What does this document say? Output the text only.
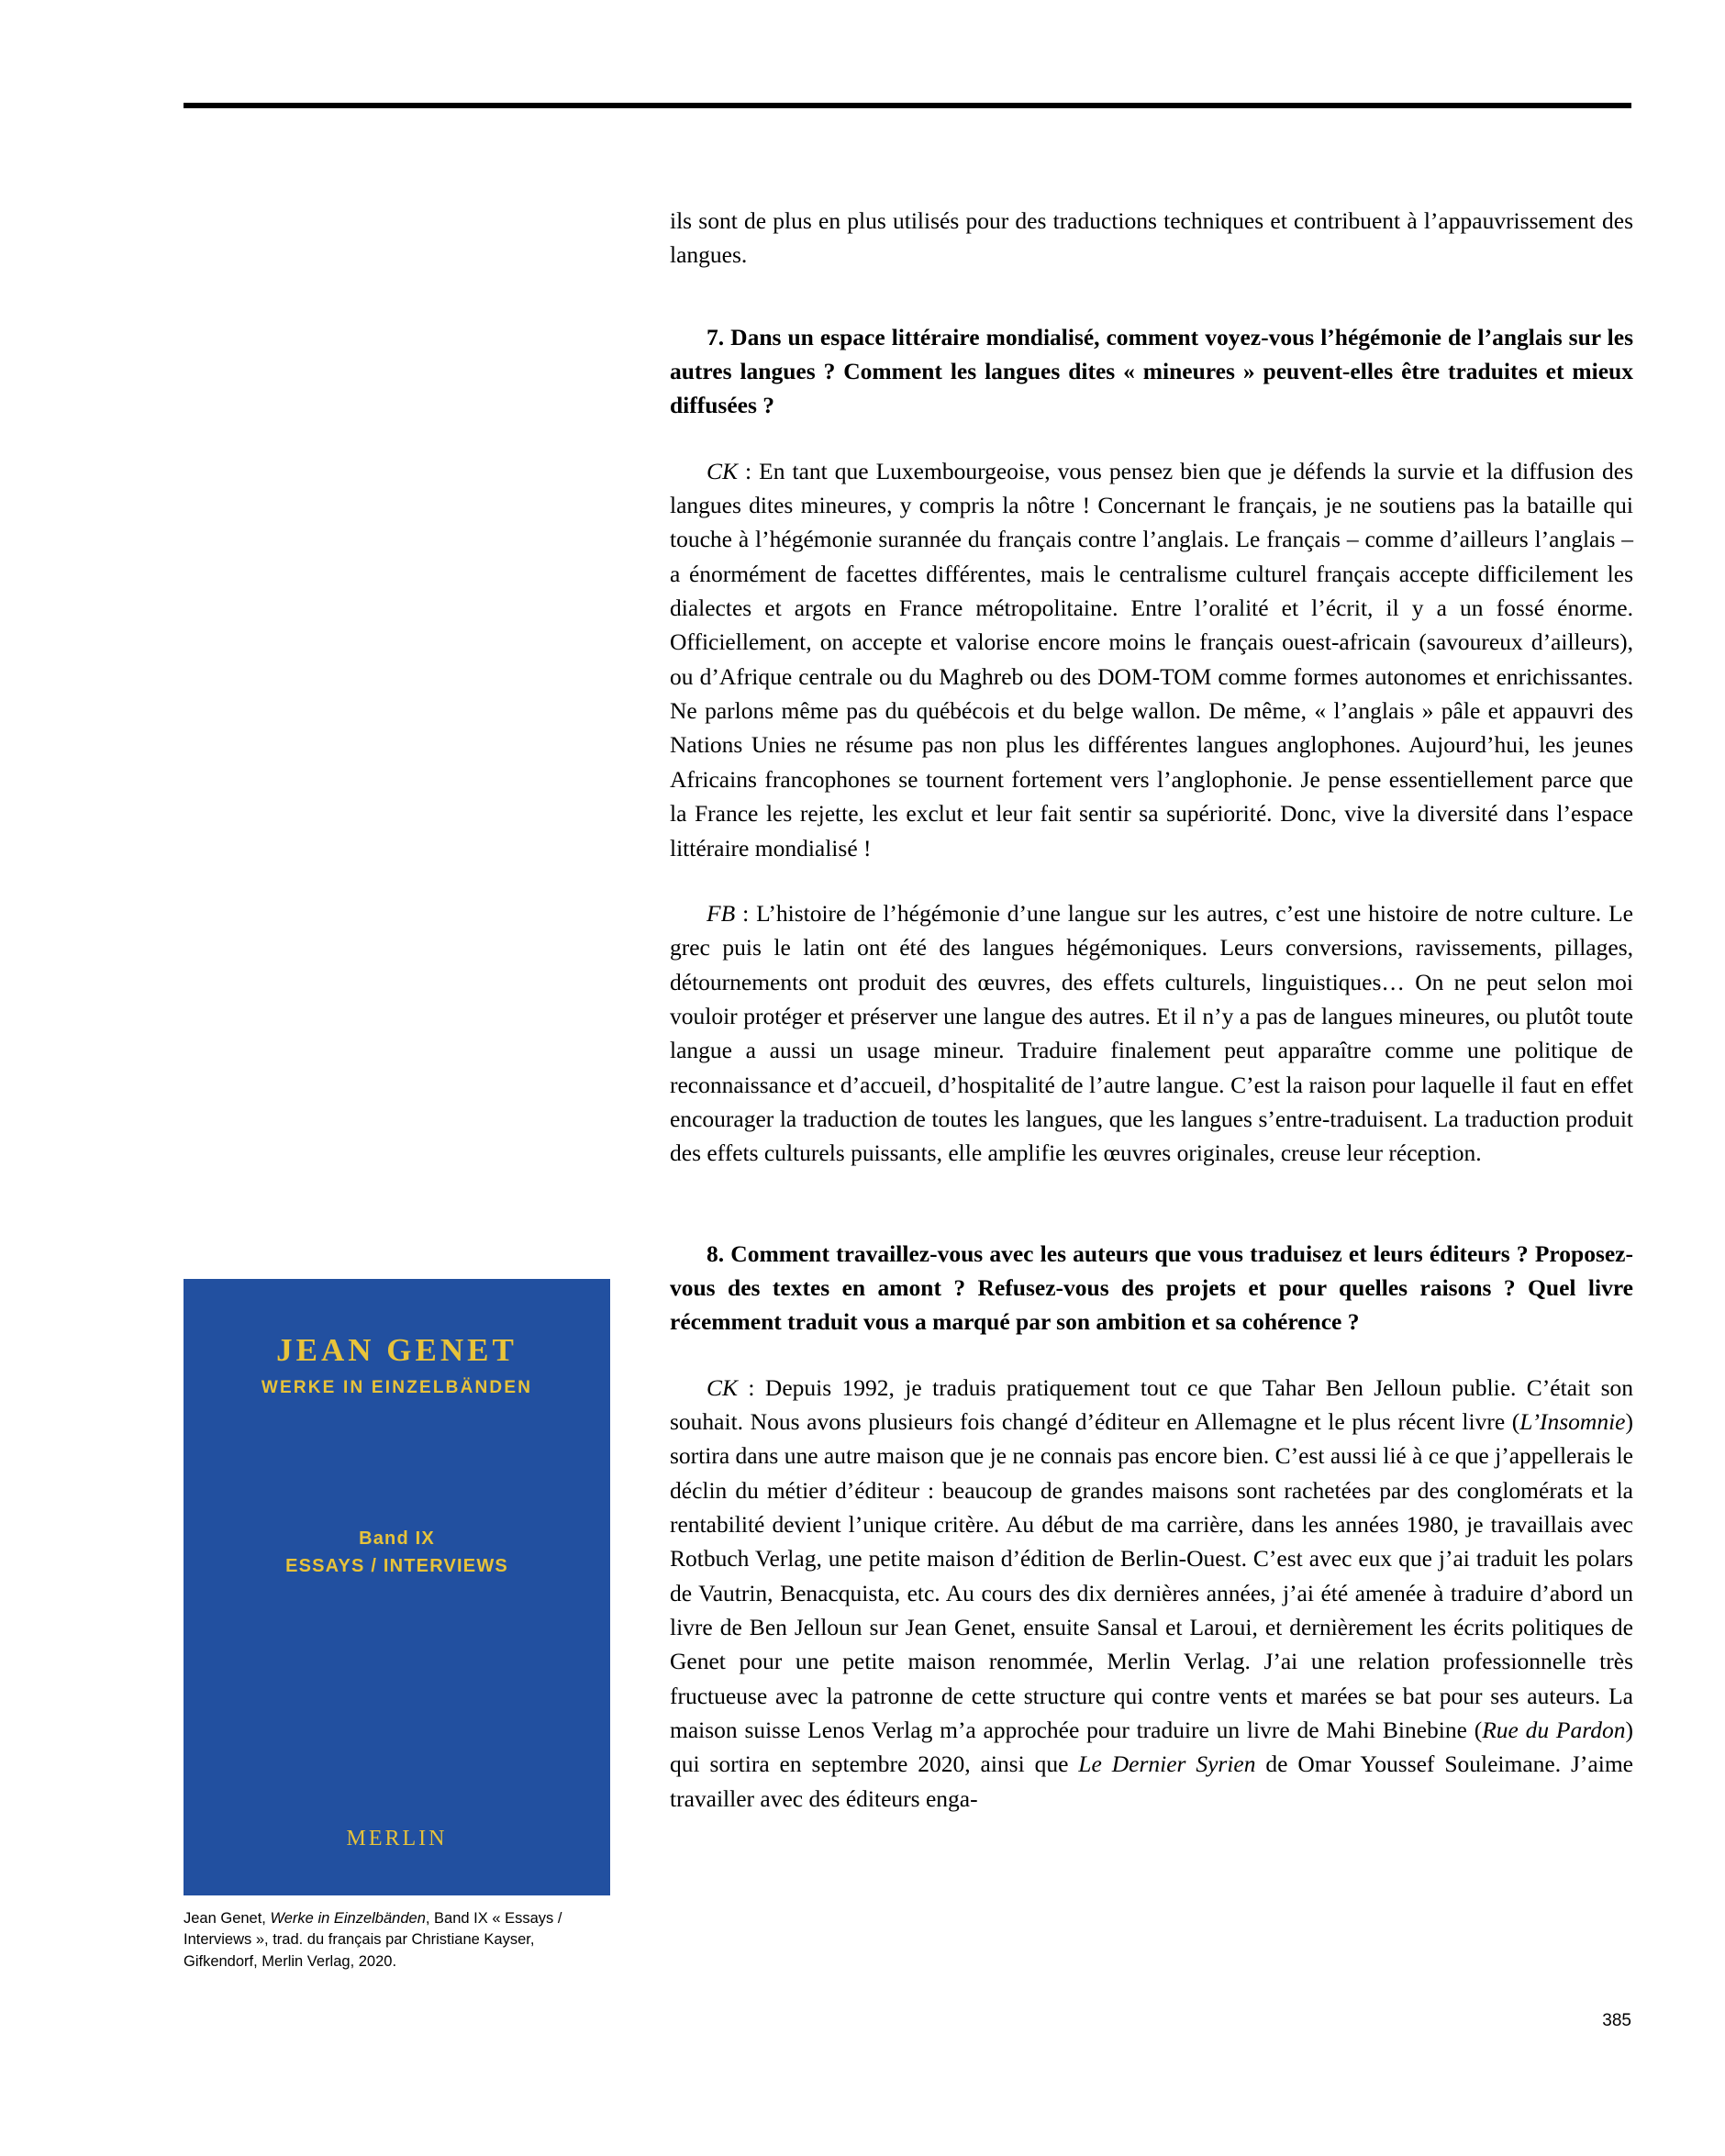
ils sont de plus en plus utilisés pour des traductions techniques et contribuent à l’appauvrissement des langues.

7. Dans un espace littéraire mondialisé, comment voyez-vous l’hégémonie de l’anglais sur les autres langues ? Comment les langues dites « mineures » peuvent-elles être traduites et mieux diffusées ?

CK : En tant que Luxembourgeoise, vous pensez bien que je défends la survie et la diffusion des langues dites mineures, y compris la nôtre ! Concernant le français, je ne soutiens pas la bataille qui touche à l’hégémonie surannée du français contre l’anglais. Le français – comme d’ailleurs l’anglais – a énormément de facettes différentes, mais le centralisme culturel français accepte difficilement les dialectes et argots en France métropolitaine. Entre l’oralité et l’écrit, il y a un fossé énorme. Officiellement, on accepte et valorise encore moins le français ouest-africain (savoureux d’ailleurs), ou d’Afrique centrale ou du Maghreb ou des DOM-TOM comme formes autonomes et enrichissantes. Ne parlons même pas du québécois et du belge wallon. De même, « l’anglais » pâle et appauvri des Nations Unies ne résume pas non plus les différentes langues anglophones. Aujourd’hui, les jeunes Africains francophones se tournent fortement vers l’anglophonie. Je pense essentiellement parce que la France les rejette, les exclut et leur fait sentir sa supériorité. Donc, vive la diversité dans l’espace littéraire mondialisé !

FB : L’histoire de l’hégémonie d’une langue sur les autres, c’est une histoire de notre culture. Le grec puis le latin ont été des langues hégémoniques. Leurs conversions, ravissements, pillages, détournements ont produit des œuvres, des effets culturels, linguistiques… On ne peut selon moi vouloir protéger et préserver une langue des autres. Et il n’y a pas de langues mineures, ou plutôt toute langue a aussi un usage mineur. Traduire finalement peut apparaître comme une politique de reconnaissance et d’accueil, d’hospitalité de l’autre langue. C’est la raison pour laquelle il faut en effet encourager la traduction de toutes les langues, que les langues s’entre-traduisent. La traduction produit des effets culturels puissants, elle amplifie les œuvres originales, creuse leur réception.

8. Comment travaillez-vous avec les auteurs que vous traduisez et leurs éditeurs ? Proposez-vous des textes en amont ? Refusez-vous des projets et pour quelles raisons ? Quel livre récemment traduit vous a marqué par son ambition et sa cohérence ?

CK : Depuis 1992, je traduis pratiquement tout ce que Tahar Ben Jelloun publie. C’était son souhait. Nous avons plusieurs fois changé d’éditeur en Allemagne et le plus récent livre (L’Insomnie) sortira dans une autre maison que je ne connais pas encore bien. C’est aussi lié à ce que j’appellerais le déclin du métier d’éditeur : beaucoup de grandes maisons sont rachetées par des conglomérats et la rentabilité devient l’unique critère. Au début de ma carrière, dans les années 1980, je travaillais avec Rotbuch Verlag, une petite maison d’édition de Berlin-Ouest. C’est avec eux que j’ai traduit les polars de Vautrin, Benacquista, etc. Au cours des dix dernières années, j’ai été amenée à traduire d’abord un livre de Ben Jelloun sur Jean Genet, ensuite Sansal et Laroui, et dernièrement les écrits politiques de Genet pour une petite maison renommée, Merlin Verlag. J’ai une relation professionnelle très fructueuse avec la patronne de cette structure qui contre vents et marées se bat pour ses auteurs. La maison suisse Lenos Verlag m’a approchée pour traduire un livre de Mahi Binebine (Rue du Pardon) qui sortira en septembre 2020, ainsi que Le Dernier Syrien de Omar Youssef Souleimane. J’aime travailler avec des éditeurs enga-

JEAN GENET
WERKE IN EINZELBÄNDEN
Band IX
ESSAYS / INTERVIEWS
MERLIN
Jean Genet, Werke in Einzelbänden, Band IX « Essays / Interviews », trad. du français par Christiane Kayser, Gifkendorf, Merlin Verlag, 2020.
385
